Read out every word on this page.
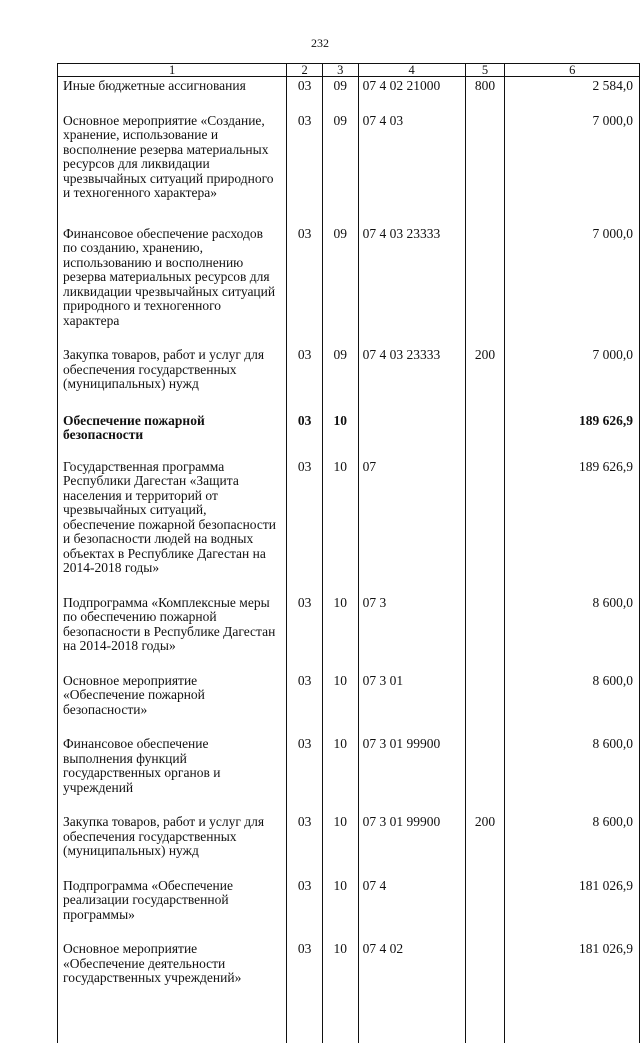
232
1	2	3	4	5	6
Иные бюджетные ассигнования	03	09	07 4 02 21000	800	2 584,0
Основное мероприятие «Создание, хранение, использование и восполнение резерва материальных ресурсов для ликвидации чрезвычайных ситуаций природного и техногенного характера»	03	09	07 4 03		7 000,0
Финансовое обеспечение расходов по созданию, хранению, использованию и восполнению резерва материальных ресурсов для ликвидации чрезвычайных ситуаций природного и техногенного характера	03	09	07 4 03 23333		7 000,0
Закупка товаров, работ и услуг для обеспечения государственных (муниципальных) нужд	03	09	07 4 03 23333	200	7 000,0
Обеспечение пожарной безопасности	03	10			189 626,9
Государственная программа Республики Дагестан «Защита населения и территорий от чрезвычайных ситуаций, обеспечение пожарной безопасности и безопасности людей на водных объектах в Республике Дагестан на 2014-2018 годы»	03	10	07		189 626,9
Подпрограмма «Комплексные меры по обеспечению пожарной безопасности в Республике Дагестан на 2014-2018 годы»	03	10	07 3		8 600,0
Основное мероприятие «Обеспечение пожарной безопасности»	03	10	07 3 01		8 600,0
Финансовое обеспечение выполнения функций государственных органов и учреждений	03	10	07 3 01 99900		8 600,0
Закупка товаров, работ и услуг для обеспечения государственных (муниципальных) нужд	03	10	07 3 01 99900	200	8 600,0
Подпрограмма «Обеспечение реализации государственной программы»	03	10	07 4		181 026,9
Основное мероприятие «Обеспечение деятельности государственных учреждений»	03	10	07 4 02		181 026,9
